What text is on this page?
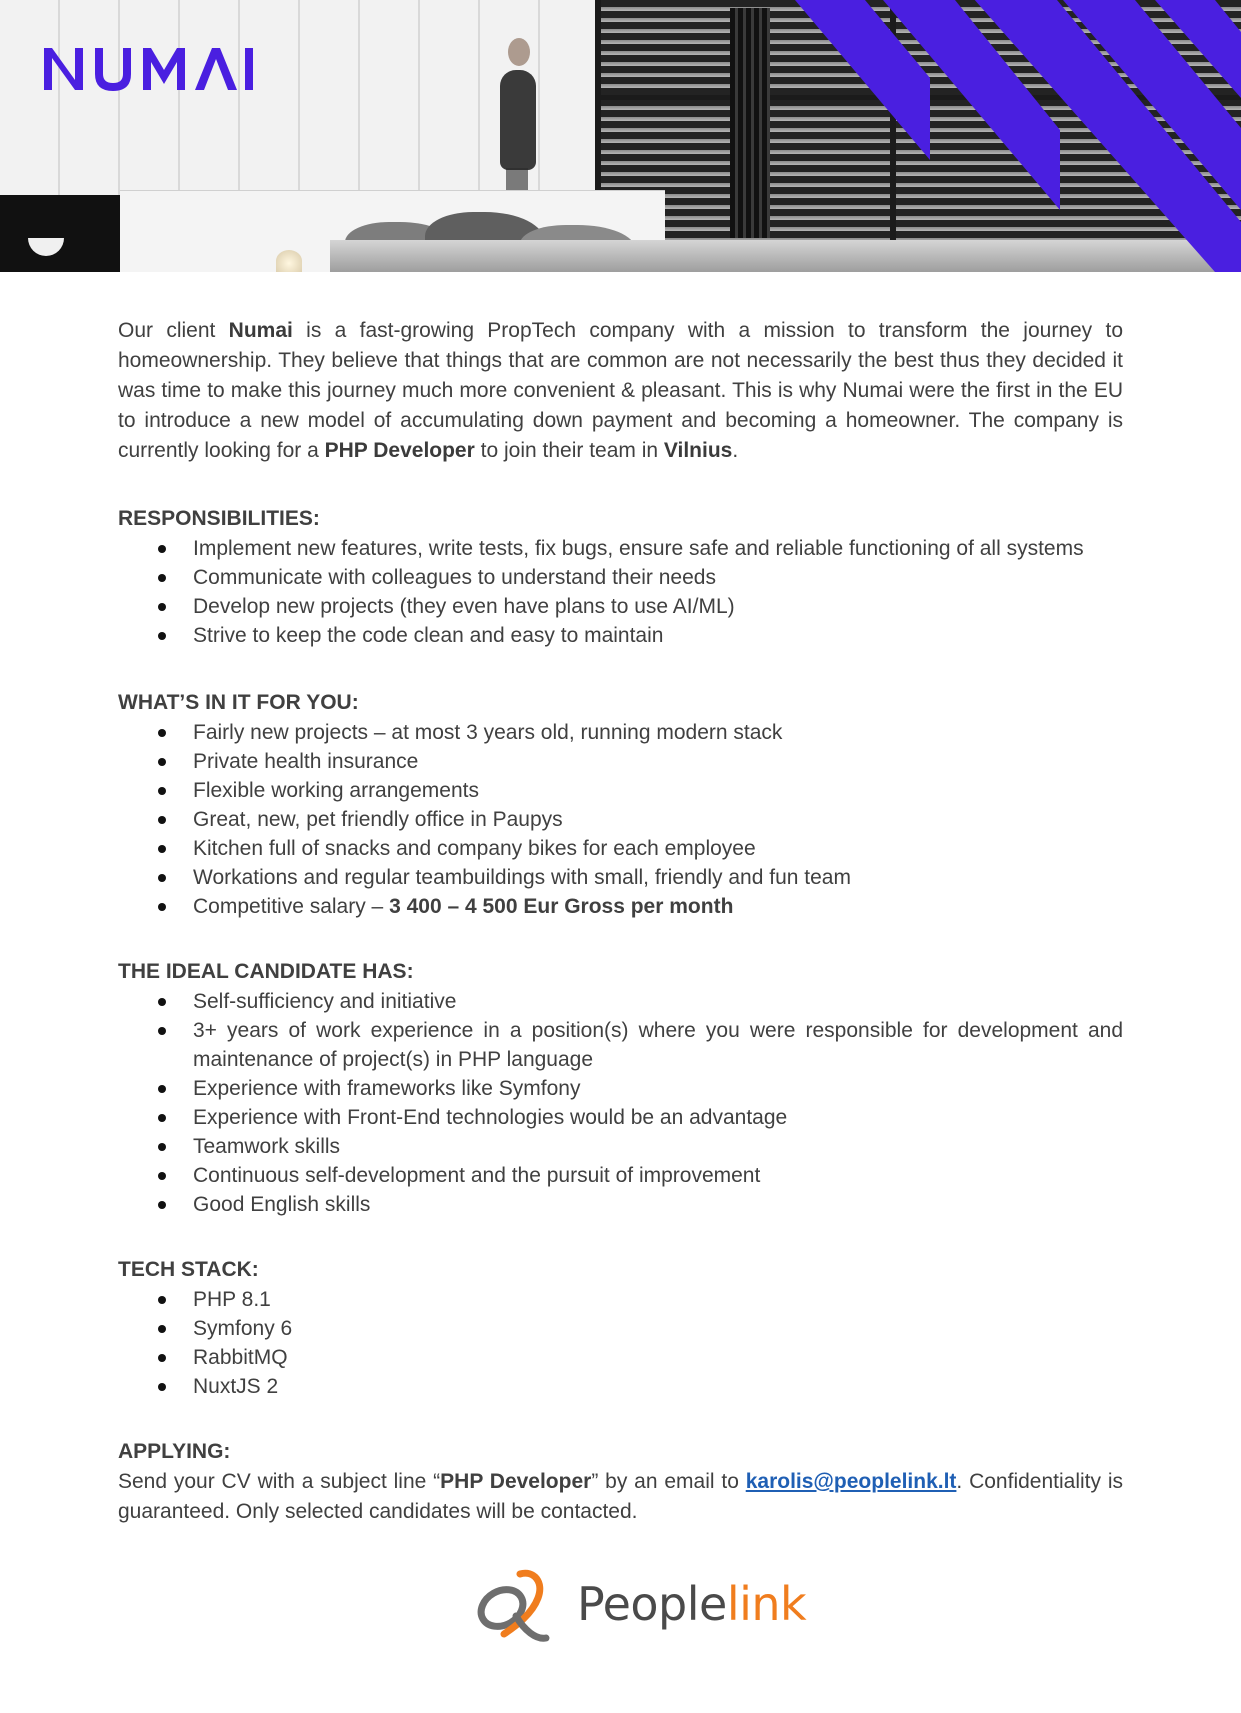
Our client Numai is a fast-growing PropTech company with a mission to transform the journey to homeownership. They believe that things that are common are not necessarily the best thus they decided it was time to make this journey much more convenient & pleasant. This is why Numai were the first in the EU to introduce a new model of accumulating down payment and becoming a homeowner. The company is currently looking for a PHP Developer to join their team in Vilnius.

RESPONSIBILITIES:

Implement new features, write tests, fix bugs, ensure safe and reliable functioning of all systems
Communicate with colleagues to understand their needs
Develop new projects (they even have plans to use AI/ML)
Strive to keep the code clean and easy to maintain

WHAT’S IN IT FOR YOU:

Fairly new projects – at most 3 years old, running modern stack
Private health insurance
Flexible working arrangements
Great, new, pet friendly office in Paupys
Kitchen full of snacks and company bikes for each employee
Workations and regular teambuildings with small, friendly and fun team
Competitive salary – 3 400 – 4 500 Eur Gross per month

THE IDEAL CANDIDATE HAS:

Self-sufficiency and initiative
3+ years of work experience in a position(s) where you were responsible for development and maintenance of project(s) in PHP language
Experience with frameworks like Symfony
Experience with Front-End technologies would be an advantage
Teamwork skills
Continuous self-development and the pursuit of improvement
Good English skills

TECH STACK:

PHP 8.1
Symfony 6
RabbitMQ
NuxtJS 2

APPLYING:

Send your CV with a subject line “PHP Developer” by an email to karolis@peoplelink.lt. Confidentiality is guaranteed. Only selected candidates will be contacted.

Peoplelink
